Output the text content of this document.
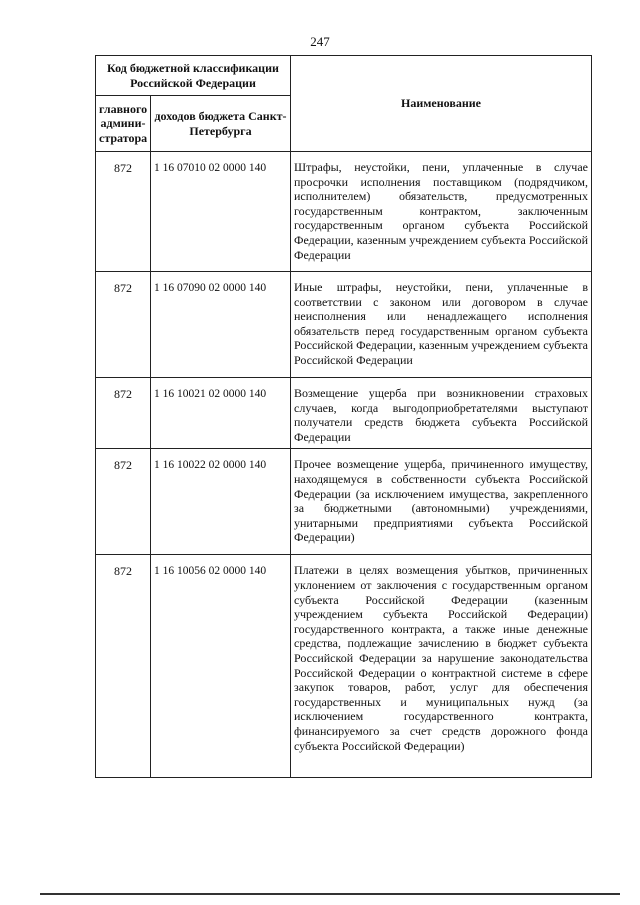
247
Код бюджетной классификации Российской Федерации		Наименование
главного админи-стратора	доходов бюджета Санкт-Петербурга	
872	1 16 07010 02 0000 140	Штрафы, неустойки, пени, уплаченные в случае просрочки исполнения поставщиком (подрядчиком, исполнителем) обязательств, предусмотренных государственным контрактом, заключенным государственным органом субъекта Российской Федерации, казенным учреждением субъекта Российской Федерации
872	1 16 07090 02 0000 140	Иные штрафы, неустойки, пени, уплаченные в соответствии с законом или договором в случае неисполнения или ненадлежащего исполнения обязательств перед государственным органом субъекта Российской Федерации, казенным учреждением субъекта Российской Федерации
872	1 16 10021 02 0000 140	Возмещение ущерба при возникновении страховых случаев, когда выгодоприобретателями выступают получатели средств бюджета субъекта Российской Федерации
872	1 16 10022 02 0000 140	Прочее возмещение ущерба, причиненного имуществу, находящемуся в собственности субъекта Российской Федерации (за исключением имущества, закрепленного за бюджетными (автономными) учреждениями, унитарными предприятиями субъекта Российской Федерации)
872	1 16 10056 02 0000 140	Платежи в целях возмещения убытков, причиненных уклонением от заключения с государственным органом субъекта Российской Федерации (казенным учреждением субъекта Российской Федерации) государственного контракта, а также иные денежные средства, подлежащие зачислению в бюджет субъекта Российской Федерации за нарушение законодательства Российской Федерации о контрактной системе в сфере закупок товаров, работ, услуг для обеспечения государственных и муниципальных нужд (за исключением государственного контракта, финансируемого за счет средств дорожного фонда субъекта Российской Федерации)
